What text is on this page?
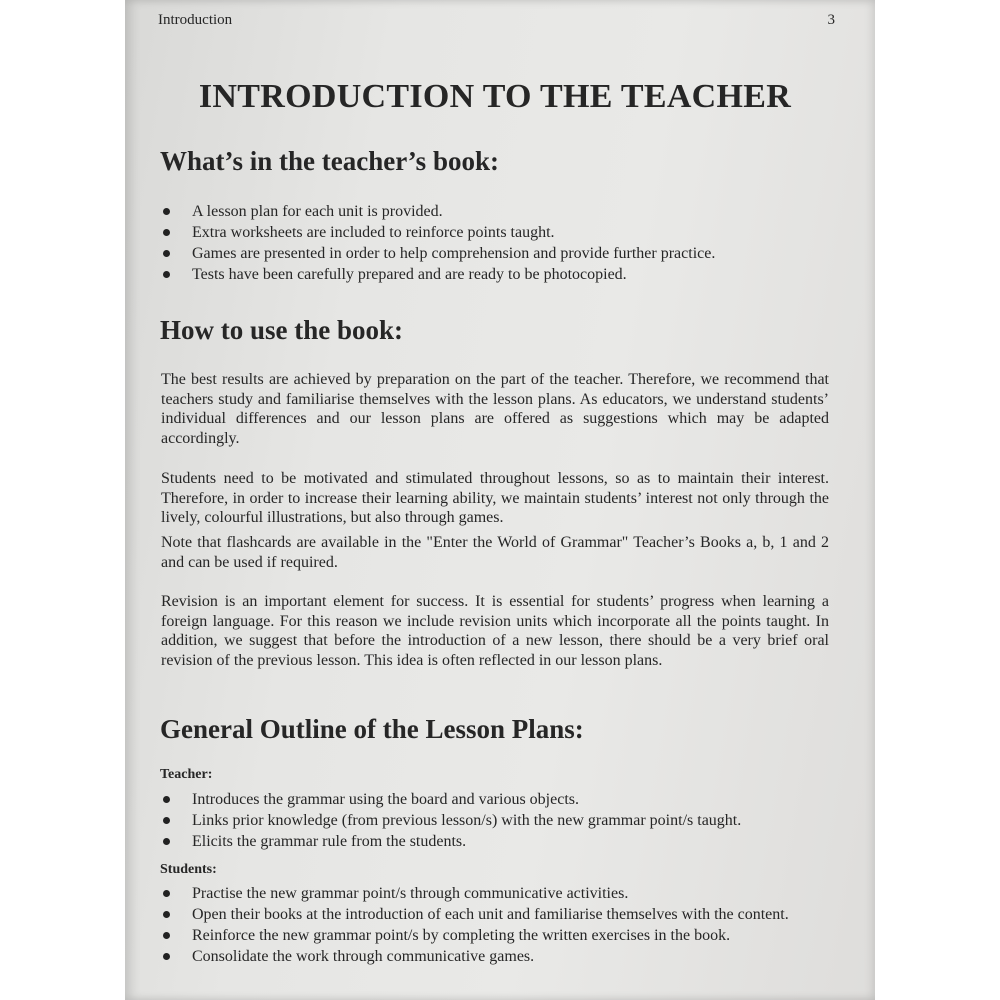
Introduction	3
INTRODUCTION TO THE TEACHER
What’s in the teacher’s book:
A lesson plan for each unit is provided.
Extra worksheets are included to reinforce points taught.
Games are presented in order to help comprehension and provide further practice.
Tests have been carefully prepared and are ready to be photocopied.
How to use the book:

The best results are achieved by preparation on the part of the teacher. Therefore, we recommend that teachers study and familiarise themselves with the lesson plans. As educators, we understand students’ individual differences and our lesson plans are offered as suggestions which may be adapted accordingly.

Students need to be motivated and stimulated throughout lessons, so as to maintain their interest. Therefore, in order to increase their learning ability, we maintain students’ interest not only through the lively, colourful illustrations, but also through games.

Note that flashcards are available in the "Enter the World of Grammar" Teacher’s Books a, b, 1 and 2 and can be used if required.

Revision is an important element for success. It is essential for students’ progress when learning a foreign language. For this reason we include revision units which incorporate all the points taught. In addition, we suggest that before the introduction of a new lesson, there should be a very brief oral revision of the previous lesson. This idea is often reflected in our lesson plans.

General Outline of the Lesson Plans:
Teacher:
Introduces the grammar using the board and various objects.
Links prior knowledge (from previous lesson/s) with the new grammar point/s taught.
Elicits the grammar rule from the students.
Students:
Practise the new grammar point/s through communicative activities.
Open their books at the introduction of each unit and familiarise themselves with the content.
Reinforce the new grammar point/s by completing the written exercises in the book.
Consolidate the work through communicative games.
